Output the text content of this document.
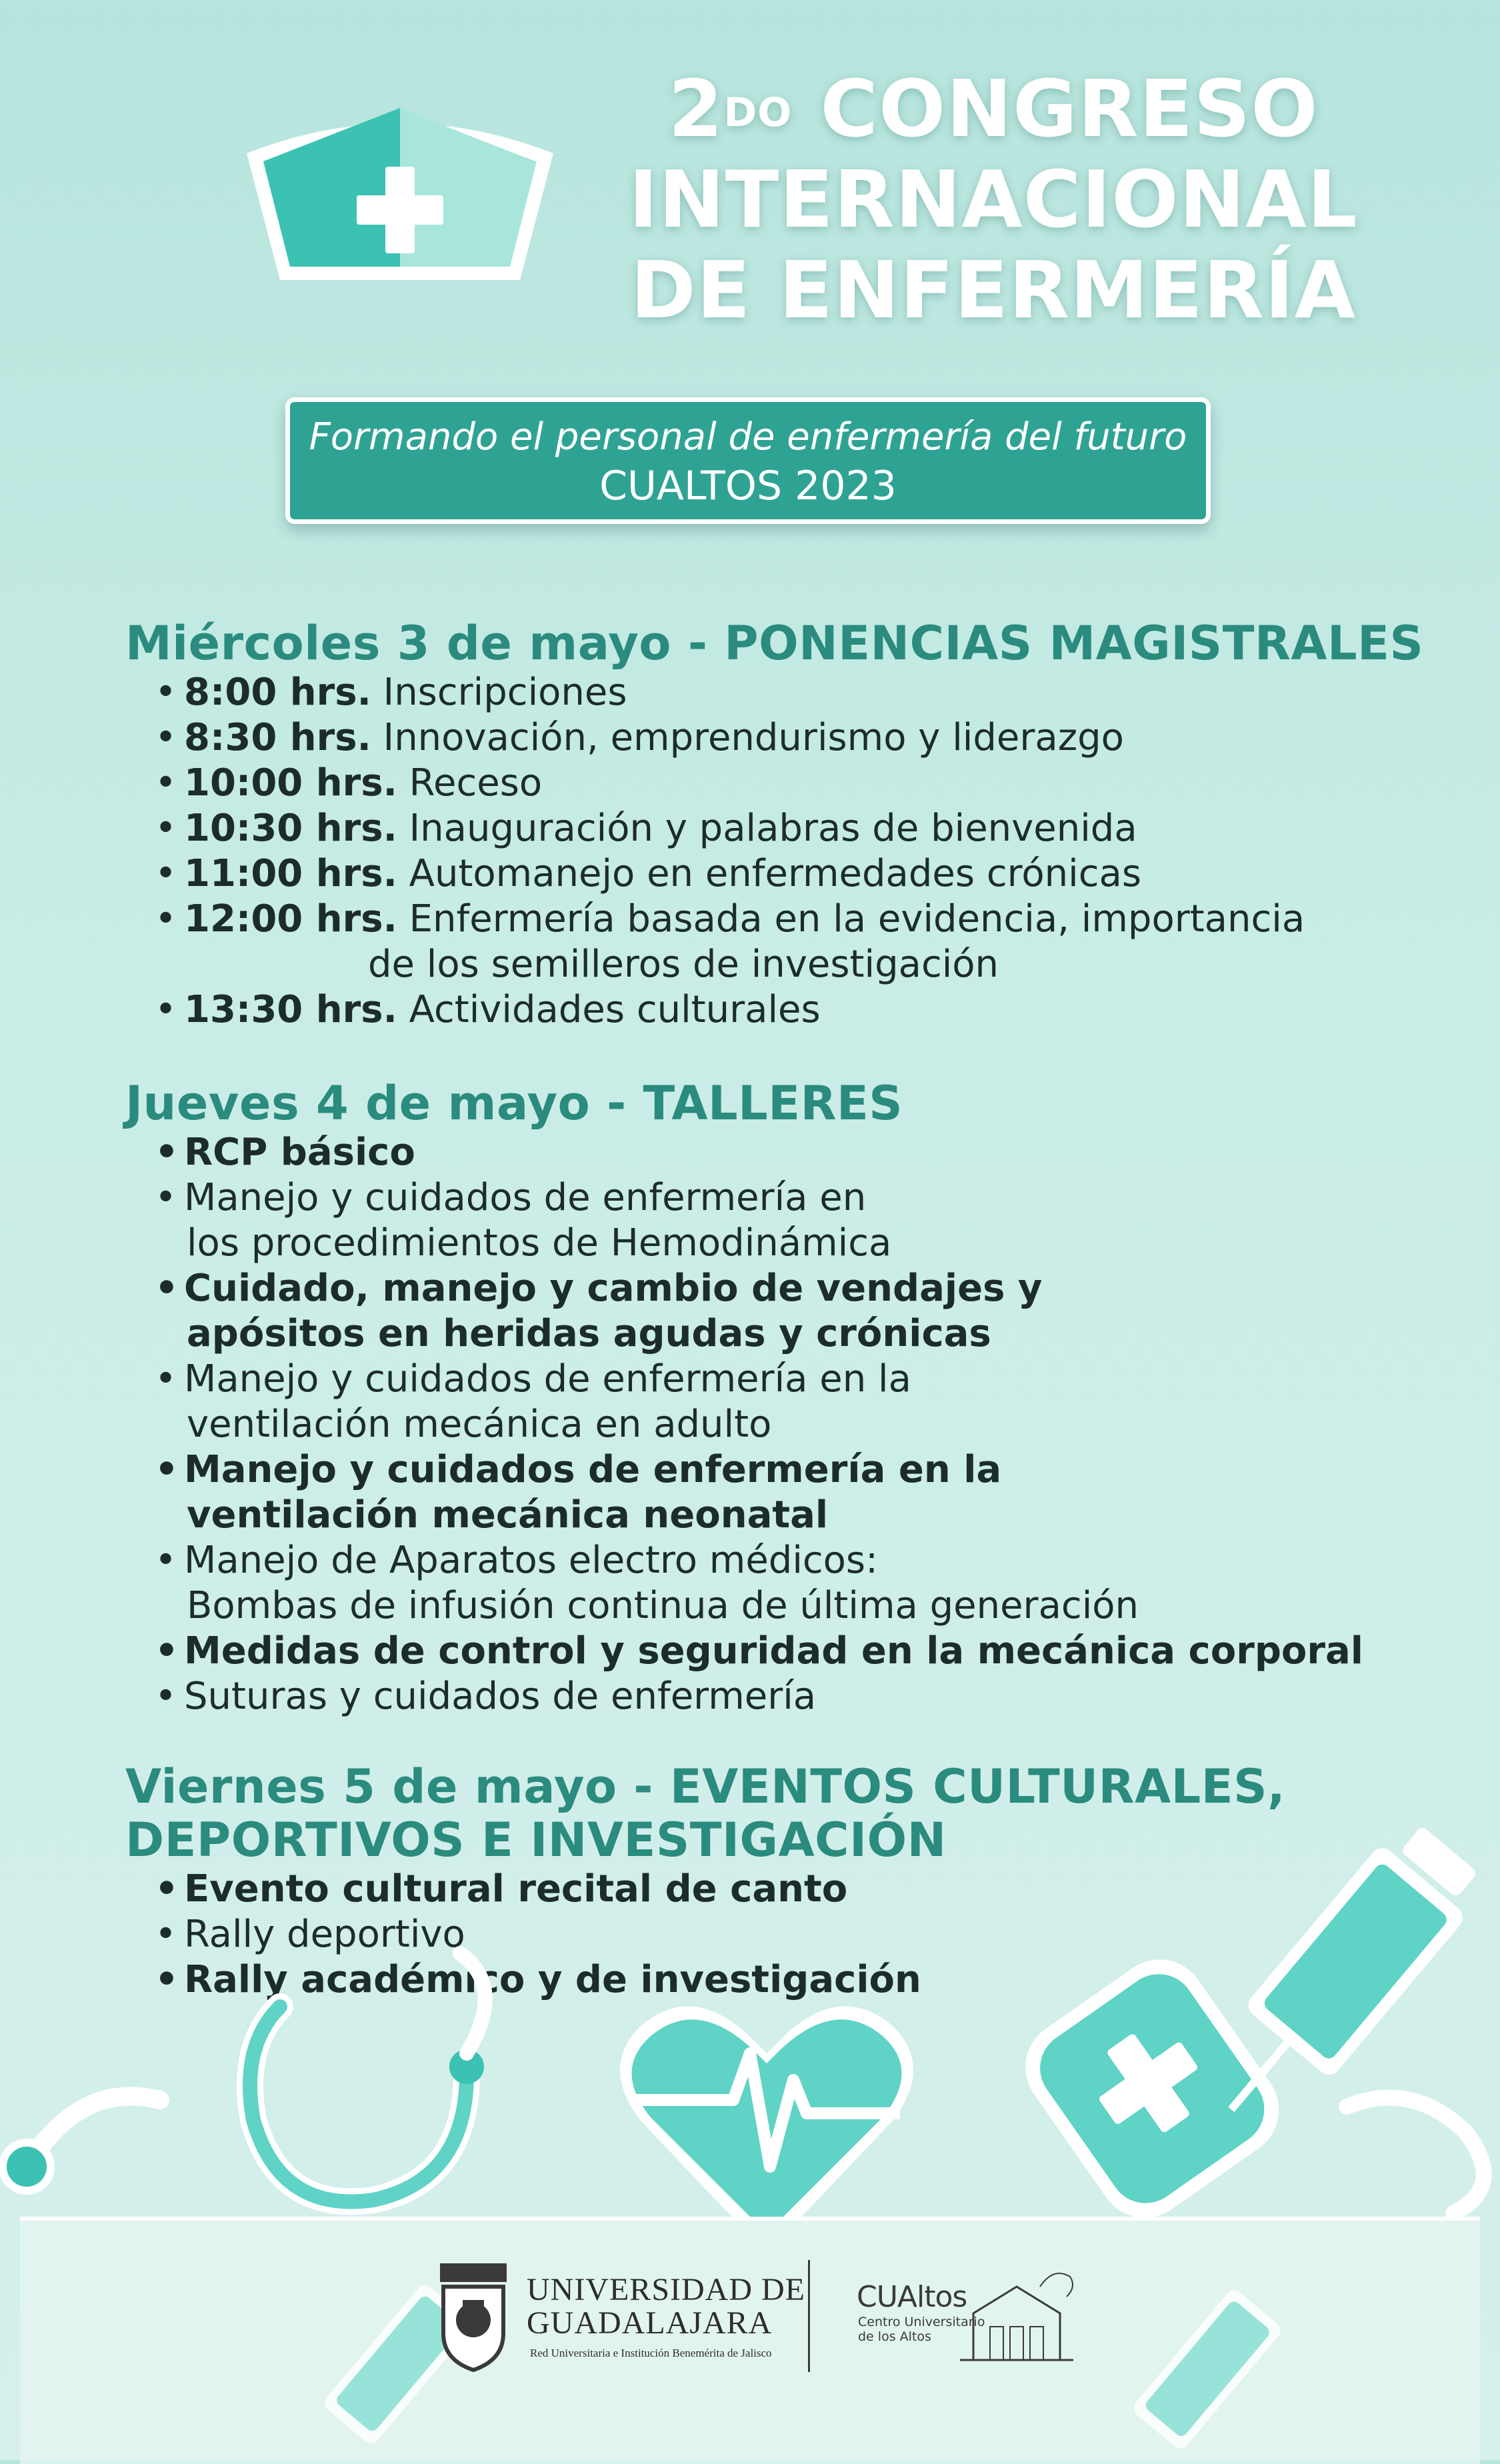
$2^{DO}$ CONGRESO
INTERNACIONAL
DE ENFERMERÍA
Formando el personal de enfermería del futuro
CUALTOS 2023
Miércoles 3 de mayo - PONENCIAS MAGISTRALES
• 8:00 hrs. Inscripciones
• 8:30 hrs. Innovación, emprendurismo y liderazgo
• 10:00 hrs. Receso
• 10:30 hrs. Inauguración y palabras de bienvenida
• 11:00 hrs. Automanejo en enfermedades crónicas
• 12:00 hrs. Enfermería basada en la evidencia, importancia
de los semilleros de investigación
• 13:30 hrs. Actividades culturales
Jueves 4 de mayo - TALLERES
• RCP básico
• Manejo y cuidados de enfermería en
los procedimientos de Hemodinámica
• Cuidado, manejo y cambio de vendajes y
apósitos en heridas agudas y crónicas
• Manejo y cuidados de enfermería en la
ventilación mecánica en adulto
• Manejo y cuidados de enfermería en la
ventilación mecánica neonatal
• Manejo de Aparatos electro médicos:
Bombas de infusión continua de última generación
• Medidas de control y seguridad en la mecánica corporal
• Suturas y cuidados de enfermería
Viernes 5 de mayo - EVENTOS CULTURALES,
DEPORTIVOS E INVESTIGACIÓN
• Evento cultural recital de canto
• Rally deportivo
• Rally académico y de investigación
UNIVERSIDAD DE
GUADALAJARA
Red Universitaria e Institución Benemérita de Jalisco
CUAltos
Centro Universitario
de los Altos
